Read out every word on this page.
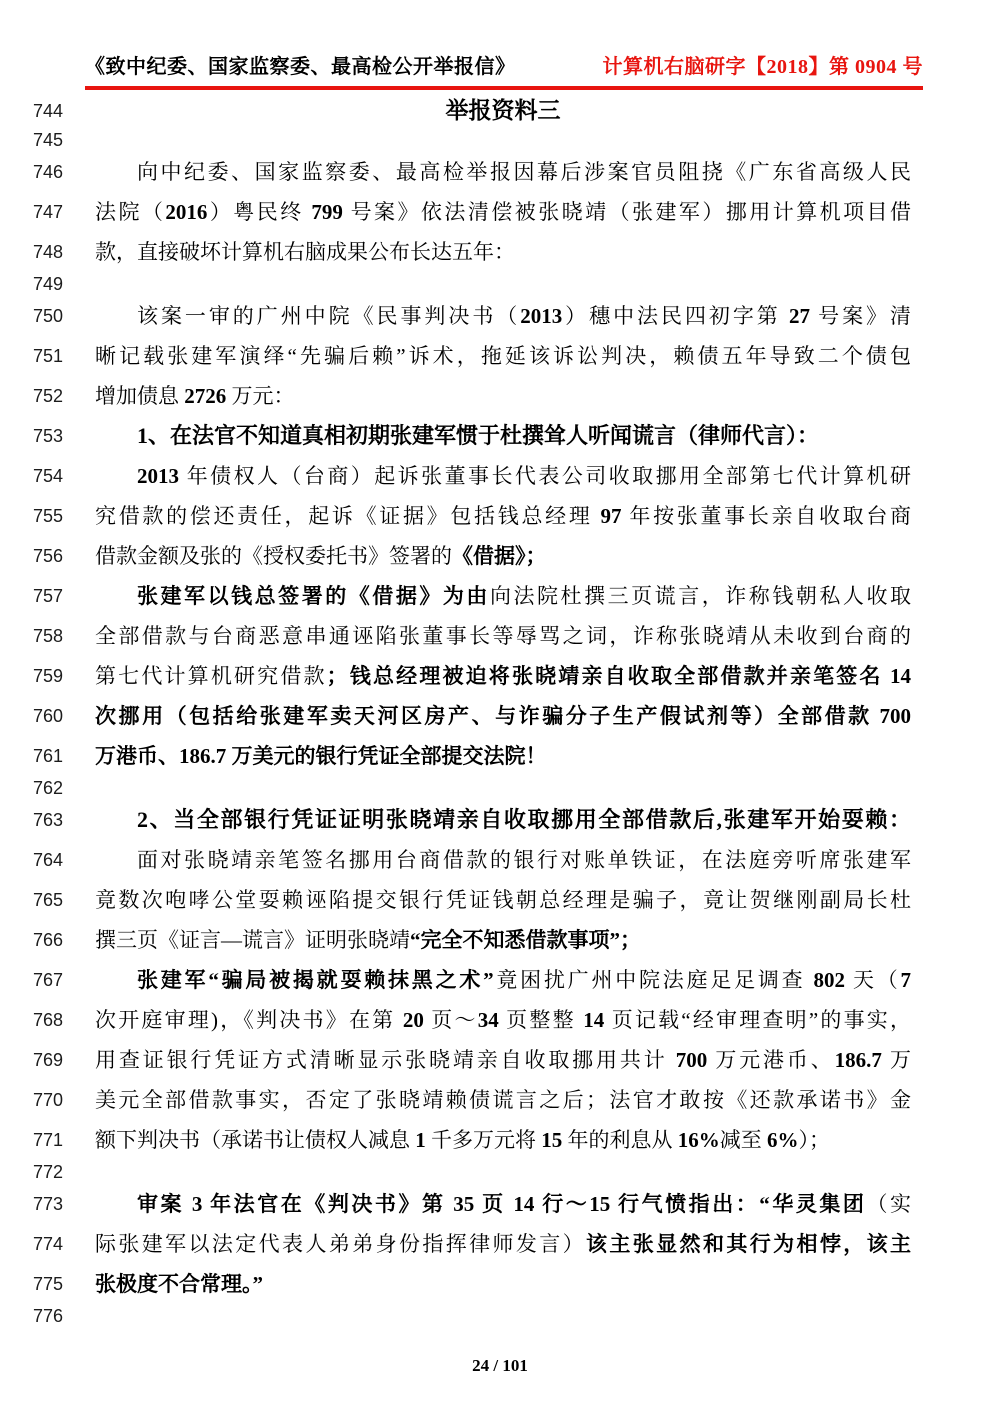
《致中纪委、国家监察委、最高检公开举报信》	计算机右脑研字【2018】第 0904 号
744	举报资料三
745
746	向中纪委、国家监察委、最高检举报因幕后涉案官员阻挠《广东省高级人民
747	法院（2016）粤民终 799 号案》依法清偿被张晓靖（张建军）挪用计算机项目借
748	款，直接破坏计算机右脑成果公布长达五年：
749
750	该案一审的广州中院《民事判决书（2013）穗中法民四初字第 27 号案》清
751	晰记载张建军演绎“先骗后赖”诉术，拖延该诉讼判决，赖债五年导致二个债包
752	增加债息 2726 万元：
753	1、在法官不知道真相初期张建军惯于杜撰耸人听闻谎言（律师代言）：
754	2013 年债权人（台商）起诉张董事长代表公司收取挪用全部第七代计算机研
755	究借款的偿还责任，起诉《证据》包括钱总经理 97 年按张董事长亲自收取台商
756	借款金额及张的《授权委托书》签署的《借据》；
757	张建军以钱总签署的《借据》为由向法院杜撰三页谎言，诈称钱朝私人收取
758	全部借款与台商恶意串通诬陷张董事长等辱骂之词，诈称张晓靖从未收到台商的
759	第七代计算机研究借款；钱总经理被迫将张晓靖亲自收取全部借款并亲笔签名 14
760	次挪用（包括给张建军卖天河区房产、与诈骗分子生产假试剂等）全部借款 700
761	万港币、186.7 万美元的银行凭证全部提交法院！
762
763	2、当全部银行凭证证明张晓靖亲自收取挪用全部借款后,张建军开始耍赖：
764	面对张晓靖亲笔签名挪用台商借款的银行对账单铁证，在法庭旁听席张建军
765	竟数次咆哮公堂耍赖诬陷提交银行凭证钱朝总经理是骗子，竟让贺继刚副局长杜
766	撰三页《证言—谎言》证明张晓靖“完全不知悉借款事项”；
767	张建军“骗局被揭就耍赖抹黑之术”竟困扰广州中院法庭足足调查 802 天（7
768	次开庭审理)，《判决书》在第 20 页～34 页整整 14 页记载“经审理查明”的事实，
769	用查证银行凭证方式清晰显示张晓靖亲自收取挪用共计 700 万元港币、186.7 万
770	美元全部借款事实，否定了张晓靖赖债谎言之后；法官才敢按《还款承诺书》金
771	额下判决书（承诺书让债权人减息 1 千多万元将 15 年的利息从 16%减至 6%）；
772
773	审案 3 年法官在《判决书》第 35 页 14 行～15 行气愤指出：“华灵集团（实
774	际张建军以法定代表人弟弟身份指挥律师发言）该主张显然和其行为相悖，该主
775	张极度不合常理。”
776
24 / 101
